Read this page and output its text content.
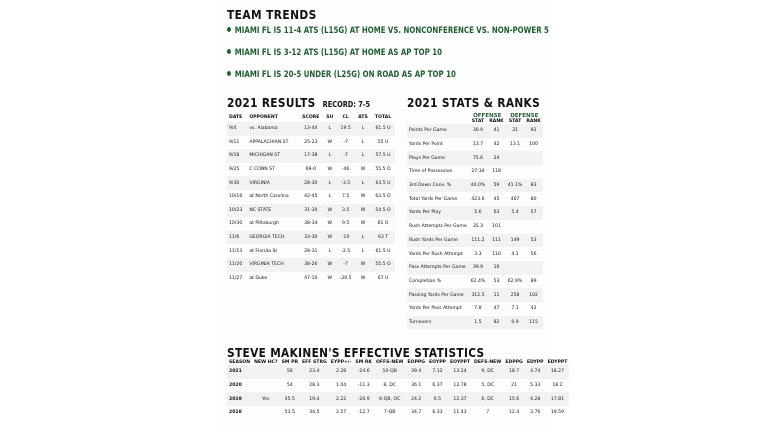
TEAM TRENDS
MIAMI FL IS 11-4 ATS (L15G) AT HOME VS. NONCONFERENCE VS. NON-POWER 5
MIAMI FL IS 3-12 ATS (L15G) AT HOME AS AP TOP 10
MIAMI FL IS 20-5 UNDER (L25G) ON ROAD AS AP TOP 10
2021 RESULTS RECORD: 7-5
DATE	OPPONENT	SCORE	SU	CL	ATS	TOTAL
9/4	vs. Alabama	13-44	L	19.5	L	61.5 U
9/11	APPALACHIAN ST	25-23	W	-7	L	55 U
9/18	MICHIGAN ST	17-38	L	-7	L	57.5 U
9/25	C CONN ST	69-0	W	-46	W	55.5 O
9/30	VIRGINIA	28-30	L	-3.5	L	63.5 U
10/16	at North Carolina	42-45	L	7.5	W	63.5 O
10/23	NC STATE	31-30	W	3.5	W	54.5 O
10/30	at Pittsburgh	38-34	W	9.5	W	61 O
11/6	GEORGIA TECH	33-30	W	-10	L	63 T
11/13	at Florida St	28-31	L	-2.5	L	61.5 U
11/20	VIRGINIA TECH	38-26	W	-7	W	55.5 O
11/27	at Duke	47-10	W	-20.5	W	67 U
2021 STATS & RANKS
	OFFENSE		DEFENSE	
	STAT	RANK	STAT	RANK
Points Per Game	30.9	41	31	92
Yards Per Point	13.7	42	13.1	100
Plays Per Game	75.6	24		
Time of Possession	27:34	118		
3rd Down Conv. %	40.0%	59	41.1%	83
Total Yards Per Game	423.6	45	407	80
Yards Per Play	5.6	63	5.4	57
Rush Attempts Per Game	35.3	101		
Rush Yards Per Game	111.2	111	149	53
Yards Per Rush Attempt	3.3	110	4.1	56
Pass Attempts Per Game	39.9	10		
Completion %	62.4%	53	62.9%	89
Passing Yards Per Game	312.5	11	258	102
Yards Per Pass Attempt	7.8	47	7.1	42
Turnovers	1.5	82	0.9	115
STEVE MAKINEN'S EFFECTIVE STATISTICS
SEASON	NEW HC?	SM PR	EFF STRG	EYPP+/-	SM RK	OFFS-NEW	EOPPG	EOYPP	EOYPPT	DEFS-NEW	EDPPG	EDYPP	EDYPPT
2021		56	23.4	2.28	-24.6	10-QB	39.4	7.12	13.24	9, DC	18.7	4.74	18.27
2020		54	28.3	1.04	-11.3	8, DC	36.1	6.37	12.78	5, DC	21	5.33	18.2
2019	Yes	45.5	19.4	2.22	-20.9	6-QB, OC	24.2	6.5	12.37	6, DC	15.6	4.28	17.81
2018		53.5	34.5	2.57	-12.7	7-QB	34.7	6.33	11.43	7	12.4	3.76	19.59
